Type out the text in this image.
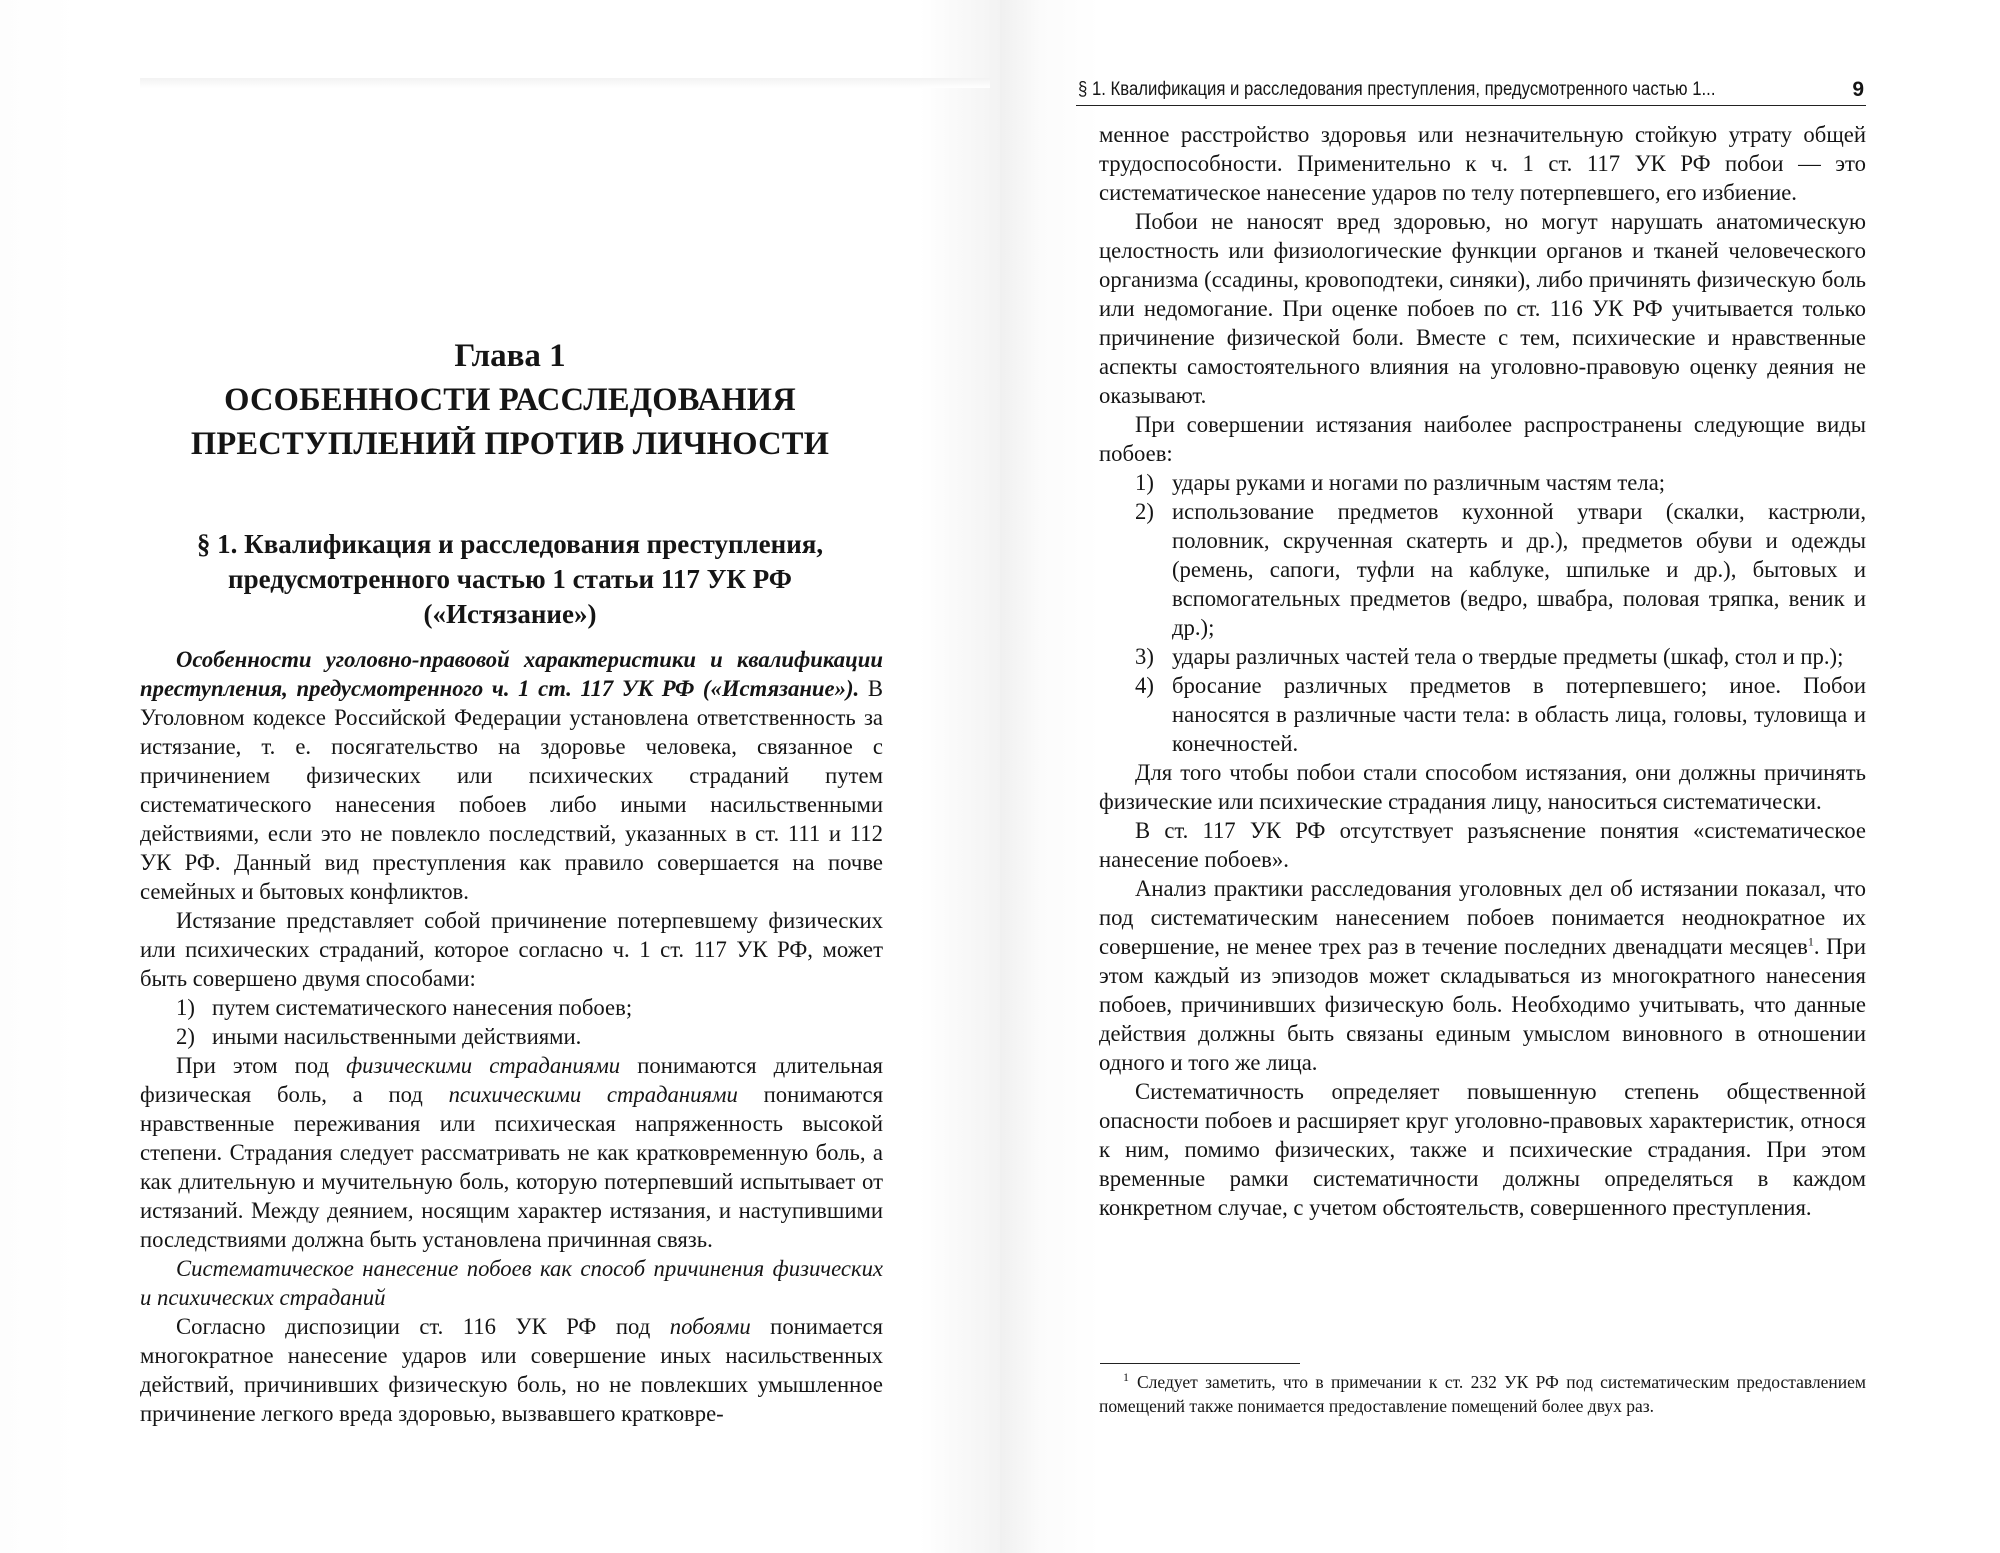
Глава 1
ОСОБЕННОСТИ РАССЛЕДОВАНИЯ
ПРЕСТУПЛЕНИЙ ПРОТИВ ЛИЧНОСТИ
§ 1. Квалификация и расследования преступления,
предусмотренного частью 1 статьи 117 УК РФ
(«Истязание»)

Особенности уголовно-правовой характеристики и квалификации преступления, предусмотренного ч. 1 ст. 117 УК РФ («Истязание»). В Уголовном кодексе Российской Федерации установлена ответственность за истязание, т. е. посягательство на здоровье человека, связанное с причинением физических или психических страданий путем систематического нанесения побоев либо иными насильственными действиями, если это не повлекло последствий, указанных в ст. 111 и 112 УК РФ. Данный вид преступления как правило совершается на почве семейных и бытовых конфликтов.

Истязание представляет собой причинение потерпевшему физических или психических страданий, которое согласно ч. 1 ст. 117 УК РФ, может быть совершено двумя способами:

1) путем систематического нанесения побоев;
2) иными насильственными действиями.

При этом под физическими страданиями понимаются длительная физическая боль, а под психическими страданиями понимаются нравственные переживания или психическая напряженность высокой степени. Страдания следует рассматривать не как кратковременную боль, а как длительную и мучительную боль, которую потерпевший испытывает от истязаний. Между деянием, носящим характер истязания, и наступившими последствиями должна быть установлена причинная связь.

Систематическое нанесение побоев как способ причинения физических и психических страданий

Согласно диспозиции ст. 116 УК РФ под побоями понимается многократное нанесение ударов или совершение иных насильственных действий, причинивших физическую боль, но не повлекших умышленное причинение легкого вреда здоровью, вызвавшего кратковре-

§ 1. Квалификация и расследования преступления, предусмотренного частью 1...	9

менное расстройство здоровья или незначительную стойкую утрату общей трудоспособности. Применительно к ч. 1 ст. 117 УК РФ побои — это систематическое нанесение ударов по телу потерпевшего, его избиение.

Побои не наносят вред здоровью, но могут нарушать анатомическую целостность или физиологические функции органов и тканей человеческого организма (ссадины, кровоподтеки, синяки), либо причинять физическую боль или недомогание. При оценке побоев по ст. 116 УК РФ учитывается только причинение физической боли. Вместе с тем, психические и нравственные аспекты самостоятельного влияния на уголовно-правовую оценку деяния не оказывают.

При совершении истязания наиболее распространены следующие виды побоев:

1) удары руками и ногами по различным частям тела;
2) использование предметов кухонной утвари (скалки, кастрюли, половник, скрученная скатерть и др.), предметов обуви и одежды (ремень, сапоги, туфли на каблуке, шпильке и др.), бытовых и вспомогательных предметов (ведро, швабра, половая тряпка, веник и др.);
3) удары различных частей тела о твердые предметы (шкаф, стол и пр.);
4) бросание различных предметов в потерпевшего; иное. Побои наносятся в различные части тела: в область лица, головы, туловища и конечностей.

Для того чтобы побои стали способом истязания, они должны причинять физические или психические страдания лицу, наноситься систематически.

В ст. 117 УК РФ отсутствует разъяснение понятия «систематическое нанесение побоев».

Анализ практики расследования уголовных дел об истязании показал, что под систематическим нанесением побоев понимается неоднократное их совершение, не менее трех раз в течение последних двенадцати месяцев$^1$. При этом каждый из эпизодов может складываться из многократного нанесения побоев, причинивших физическую боль. Необходимо учитывать, что данные действия должны быть связаны единым умыслом виновного в отношении одного и того же лица.

Систематичность определяет повышенную степень общественной опасности побоев и расширяет круг уголовно-правовых характеристик, относя к ним, помимо физических, также и психические страдания. При этом временные рамки систематичности должны определяться в каждом конкретном случае, с учетом обстоятельств, совершенного преступления.

$^1$ Следует заметить, что в примечании к ст. 232 УК РФ под систематическим предоставлением помещений также понимается предоставление помещений более двух раз.
